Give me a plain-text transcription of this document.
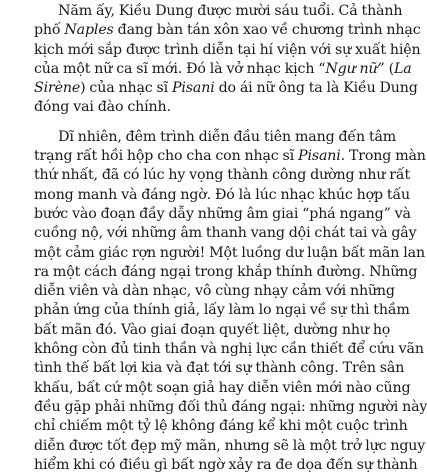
Năm ấy, Kiều Dung được mười sáu tuổi. Cả thành
phố Naples đang bàn tán xôn xao về chương trình nhạc
kịch mới sắp được trình diễn tại hí viện với sự xuất hiện
của một nữ ca sĩ mới. Đó là vở nhạc kịch “Ngư nữ” (La
Sirène) của nhạc sĩ Pisani do ái nữ ông ta là Kiều Dung
đóng vai đào chính.
Dĩ nhiên, đêm trình diễn đầu tiên mang đến tâm
trạng rất hồi hộp cho cha con nhạc sĩ Pisani. Trong màn
thứ nhất, đã có lúc hy vọng thành công dường như rất
mong manh và đáng ngờ. Đó là lúc nhạc khúc hợp tấu
bước vào đoạn đầy dẫy những âm giai “phá ngang” và
cuồng nộ, với những âm thanh vang dội chát tai và gây
một cảm giác rợn người! Một luồng dư luận bất mãn lan
ra một cách đáng ngại trong khắp thính đường. Những
diễn viên và dàn nhạc, vô cùng nhạy cảm với những
phản ứng của thính giả, lấy làm lo ngại về sự thì thầm
bất mãn đó. Vào giai đoạn quyết liệt, dường như họ
không còn đủ tinh thần và nghị lực cần thiết để cứu vãn
tình thế bất lợi kia và đạt tới sự thành công. Trên sân
khấu, bất cứ một soạn giả hay diễn viên mới nào cũng
đều gặp phải những đối thủ đáng ngại: những người này
chỉ chiếm một tỷ lệ không đáng kể khi một cuộc trình
diễn được tốt đẹp mỹ mãn, nhưng sẽ là một trở lực nguy
hiểm khi có điều gì bất ngờ xảy ra đe dọa đến sự thành
